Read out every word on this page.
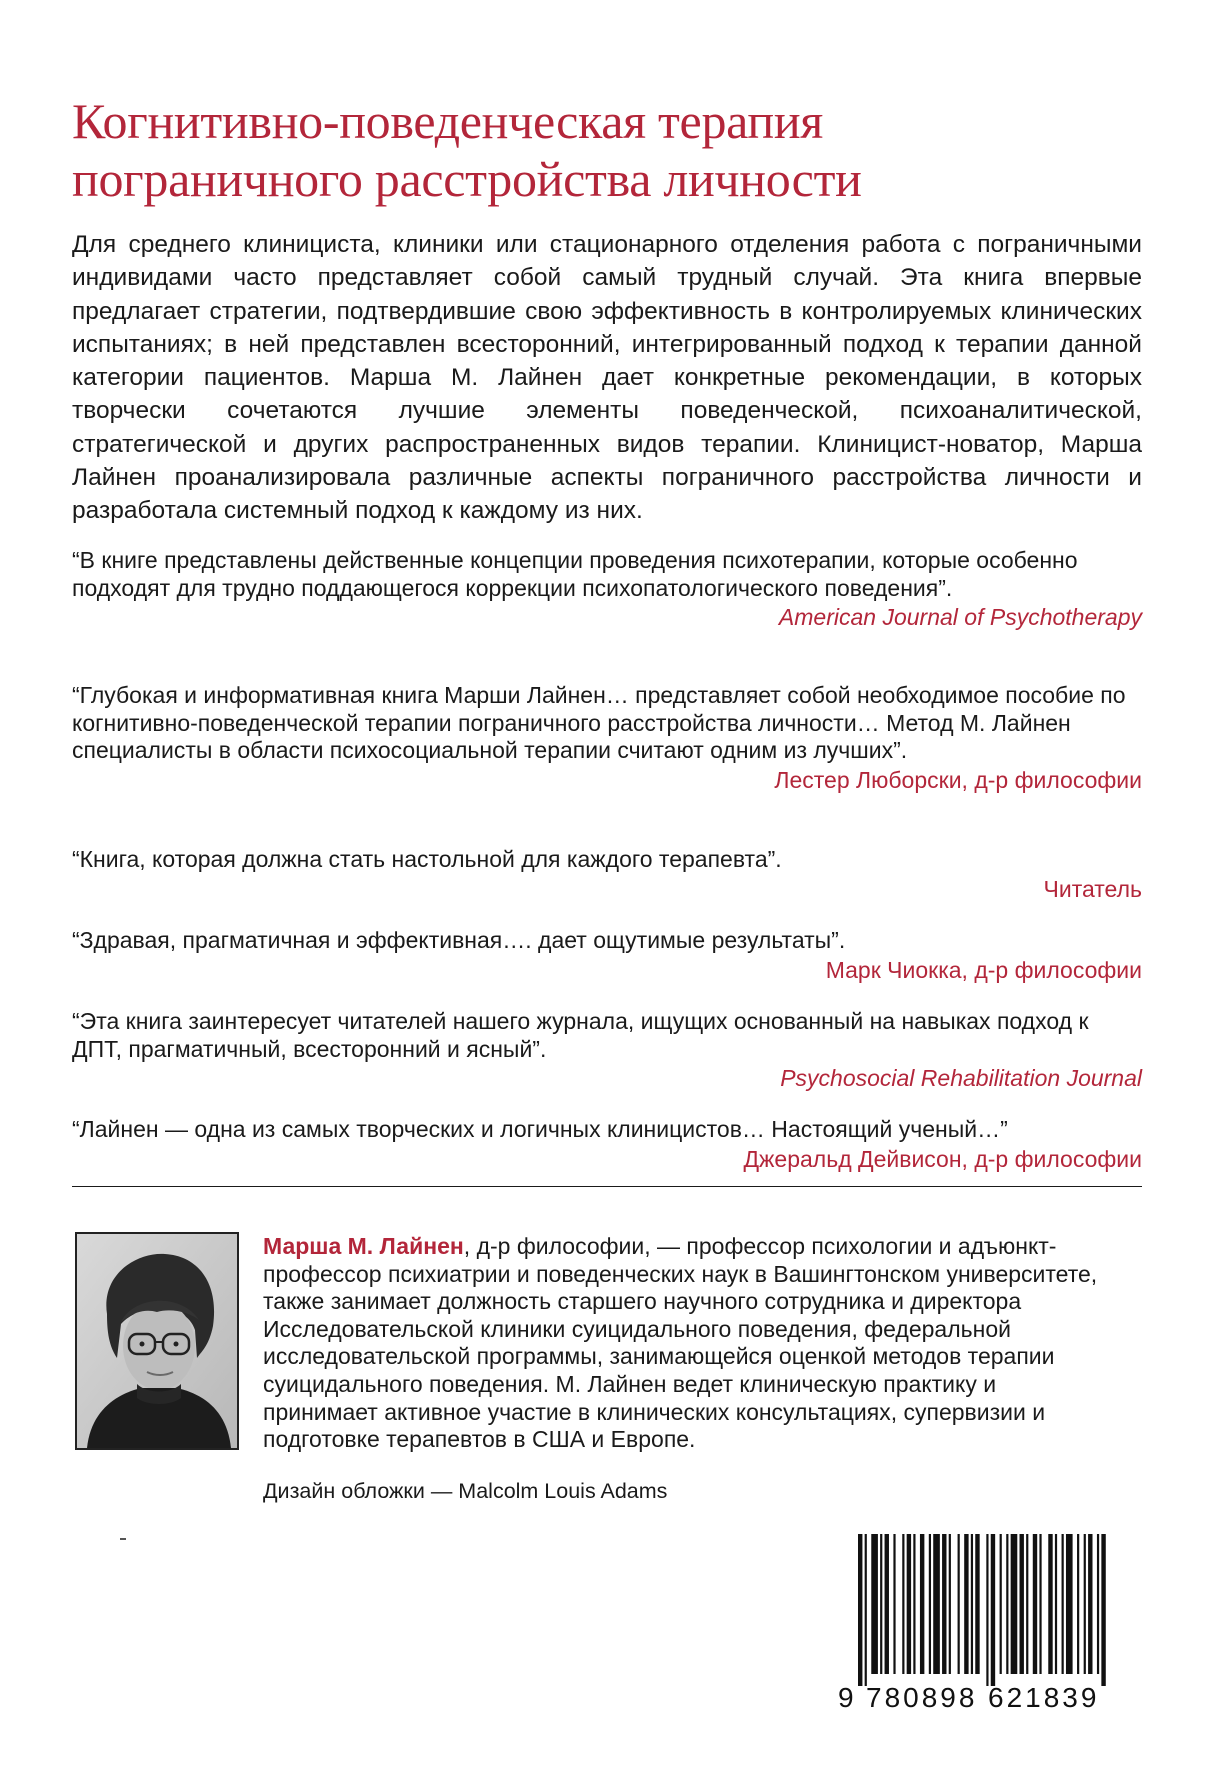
Когнитивно-поведенческая терапия
пограничного расстройства личности

Для среднего клинициста, клиники или стационарного отделения работа с пограничными индивидами часто представляет собой самый трудный случай. Эта книга впервые предлагает стратегии, подтвердившие свою эффективность в контролируемых клинических испытаниях; в ней представлен всесторонний, интегрированный подход к терапии данной категории пациентов. Марша М. Лайнен дает конкретные рекомендации, в которых творчески сочетаются лучшие элементы поведенческой, психоаналитической, стратегической и других распространенных видов терапии. Клиницист-новатор, Марша Лайнен проанализировала различные аспекты пограничного расстройства личности и разработала системный подход к каждому из них.

“В книге представлены действенные концепции проведения психотерапии, которые особенно подходят для трудно поддающегося коррекции психопатологического поведения”.

American Journal of Psychotherapy

“Глубокая и информативная книга Марши Лайнен… представляет собой необходимое пособие по когнитивно-поведенческой терапии пограничного расстройства личности… Метод М. Лайнен специалисты в области психосоциальной терапии считают одним из лучших”.

Лестер Люборски, д-р философии

“Книга, которая должна стать настольной для каждого терапевта”.

Читатель

“Здравая, прагматичная и эффективная…. дает ощутимые результаты”.

Марк Чиокка, д-р философии

“Эта книга заинтересует читателей нашего журнала, ищущих основанный на навыках подход к ДПТ, прагматичный, всесторонний и ясный”.

Psychosocial Rehabilitation Journal

“Лайнен — одна из самых творческих и логичных клиницистов… Настоящий ученый…”

Джеральд Дейвисон, д-р философии

Марша М. Лайнен, д-р философии, — профессор психологии и адъюнкт-профессор психиатрии и поведенческих наук в Вашингтонском университете, также занимает должность старшего научного сотрудника и директора Исследовательской клиники суицидального поведения, федеральной исследовательской программы, занимающейся оценкой методов терапии суицидального поведения. М. Лайнен ведет клиническую практику и принимает активное участие в клинических консультациях, супервизии и подготовке терапевтов в США и Европе.

Дизайн обложки — Malcolm Louis Adams

9 780898 621839
